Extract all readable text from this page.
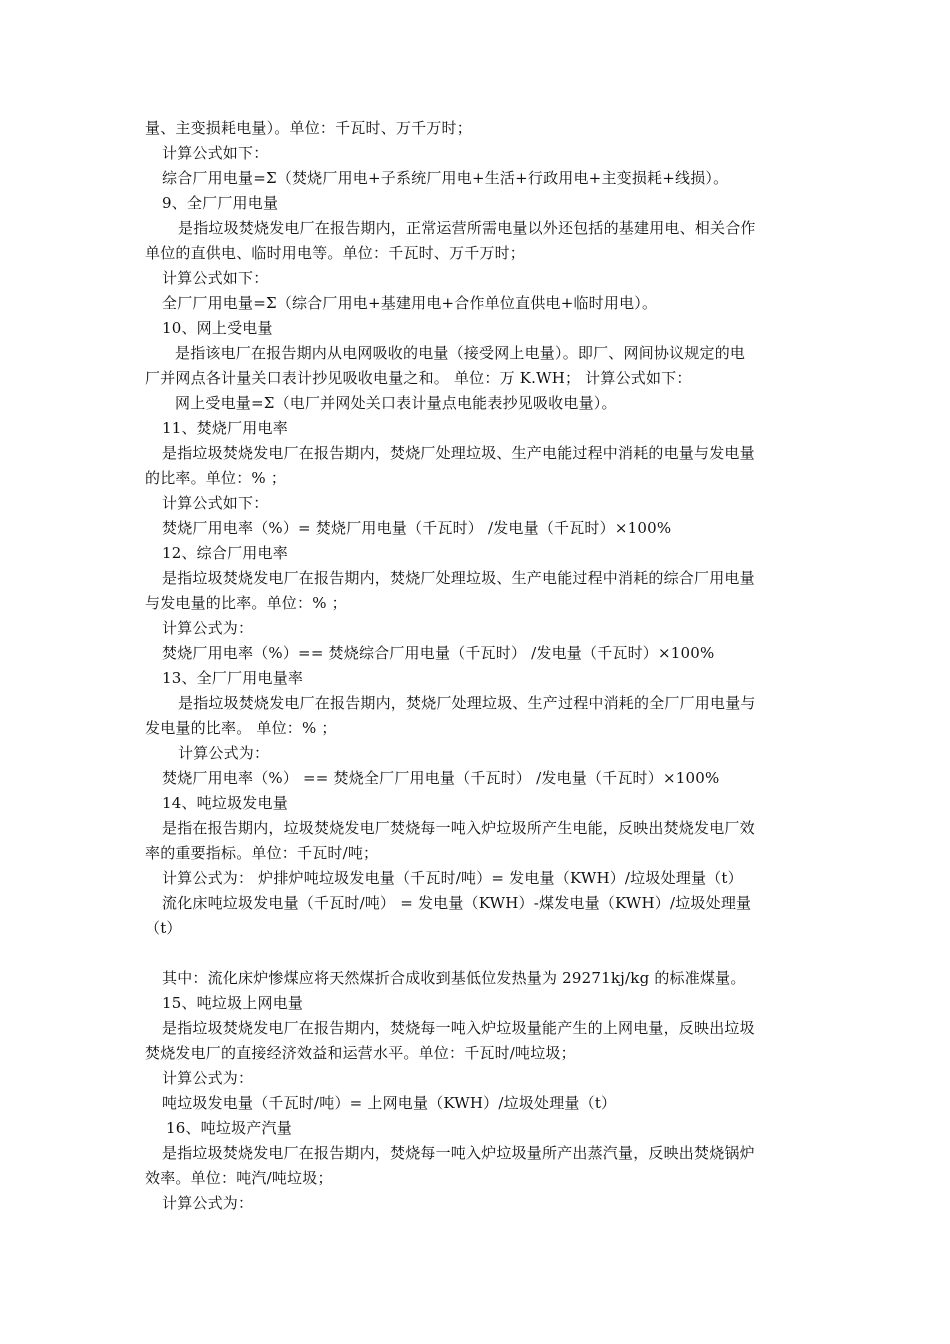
量、主变损耗电量）。单位：千瓦时、万千万时；
计算公式如下：
综合厂用电量=Σ（焚烧厂用电+子系统厂用电+生活+行政用电+主变损耗+线损）。
9、全厂厂用电量
是指垃圾焚烧发电厂在报告期内，正常运营所需电量以外还包括的基建用电、相关合作
单位的直供电、临时用电等。单位：千瓦时、万千万时；
计算公式如下：
全厂厂用电量=Σ（综合厂用电+基建用电+合作单位直供电+临时用电）。
10、网上受电量
是指该电厂在报告期内从电网吸收的电量（接受网上电量）。即厂、网间协议规定的电
厂并网点各计量关口表计抄见吸收电量之和。 单位：万 K.WH； 计算公式如下：
网上受电量=Σ（电厂并网处关口表计量点电能表抄见吸收电量）。
11、焚烧厂用电率
是指垃圾焚烧发电厂在报告期内，焚烧厂处理垃圾、生产电能过程中消耗的电量与发电量
的比率。单位：% ；
计算公式如下：
焚烧厂用电率（%）= 焚烧厂用电量（千瓦时） /发电量（千瓦时）×100%
12、综合厂用电率
是指垃圾焚烧发电厂在报告期内，焚烧厂处理垃圾、生产电能过程中消耗的综合厂用电量
与发电量的比率。单位：% ；
计算公式为：
焚烧厂用电率（%）== 焚烧综合厂用电量（千瓦时） /发电量（千瓦时）×100%
13、全厂厂用电量率
是指垃圾焚烧发电厂在报告期内，焚烧厂处理垃圾、生产过程中消耗的全厂厂用电量与
发电量的比率。 单位：% ；
计算公式为：
焚烧厂用电率（%） == 焚烧全厂厂用电量（千瓦时） /发电量（千瓦时）×100%
14、吨垃圾发电量
是指在报告期内，垃圾焚烧发电厂焚烧每一吨入炉垃圾所产生电能，反映出焚烧发电厂效
率的重要指标。单位：千瓦时/吨；
计算公式为： 炉排炉吨垃圾发电量（千瓦时/吨）= 发电量（KWH）/垃圾处理量（t）
流化床吨垃圾发电量（千瓦时/吨） = 发电量（KWH）-煤发电量（KWH）/垃圾处理量
（t）
其中：流化床炉惨煤应将天然煤折合成收到基低位发热量为 29271kj/kg 的标准煤量。
15、吨垃圾上网电量
是指垃圾焚烧发电厂在报告期内，焚烧每一吨入炉垃圾量能产生的上网电量，反映出垃圾
焚烧发电厂的直接经济效益和运营水平。单位：千瓦时/吨垃圾；
计算公式为：
吨垃圾发电量（千瓦时/吨）= 上网电量（KWH）/垃圾处理量（t）
16、吨垃圾产汽量
是指垃圾焚烧发电厂在报告期内，焚烧每一吨入炉垃圾量所产出蒸汽量，反映出焚烧锅炉
效率。单位：吨汽/吨垃圾；
计算公式为：
